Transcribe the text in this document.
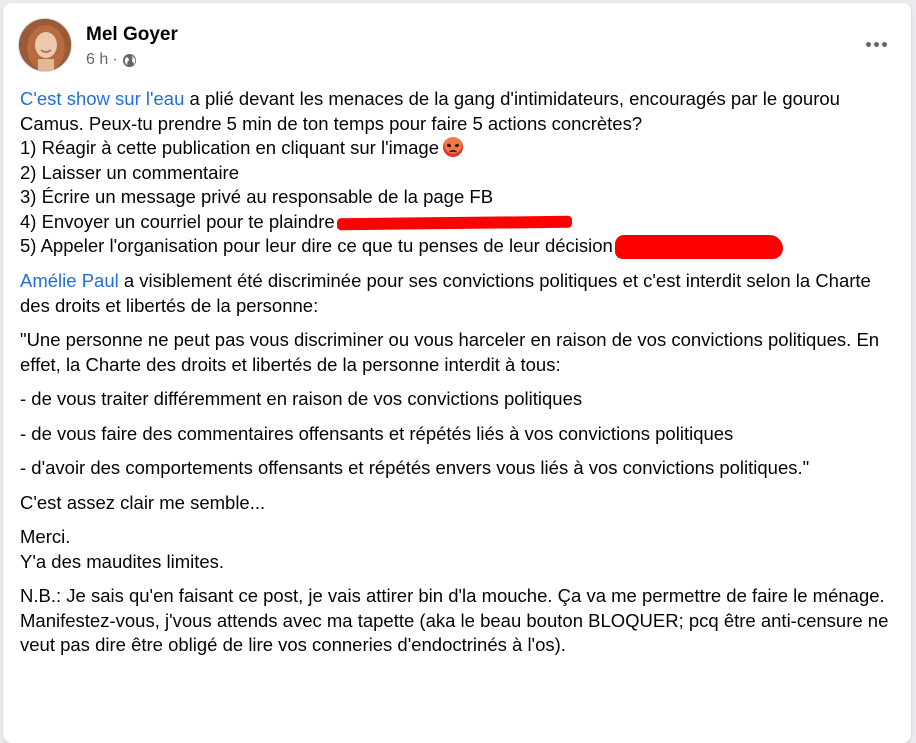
Mel Goyer
6 h ·

C'est show sur l'eau a plié devant les menaces de la gang d'intimidateurs, encouragés par le gourou Camus. Peux-tu prendre 5 min de ton temps pour faire 5 actions concrètes?
1) Réagir à cette publication en cliquant sur l'image

2) Laisser un commentaire
3) Écrire un message privé au responsable de la page FB
4) Envoyer un courriel pour te plaindre
5) Appeler l'organisation pour leur dire ce que tu penses de leur décision

Amélie Paul a visiblement été discriminée pour ses convictions politiques et c'est interdit selon la Charte des droits et libertés de la personne:

"Une personne ne peut pas vous discriminer ou vous harceler en raison de vos convictions politiques. En effet, la Charte des droits et libertés de la personne interdit à tous:

- de vous traiter différemment en raison de vos convictions politiques

- de vous faire des commentaires offensants et répétés liés à vos convictions politiques

- d'avoir des comportements offensants et répétés envers vous liés à vos convictions politiques."

C'est assez clair me semble...

Merci.
Y'a des maudites limites.

N.B.: Je sais qu'en faisant ce post, je vais attirer bin d'la mouche. Ça va me permettre de faire le ménage. Manifestez-vous, j'vous attends avec ma tapette (aka le beau bouton BLOQUER; pcq être anti-censure ne veut pas dire être obligé de lire vos conneries d'endoctrinés à l'os).
